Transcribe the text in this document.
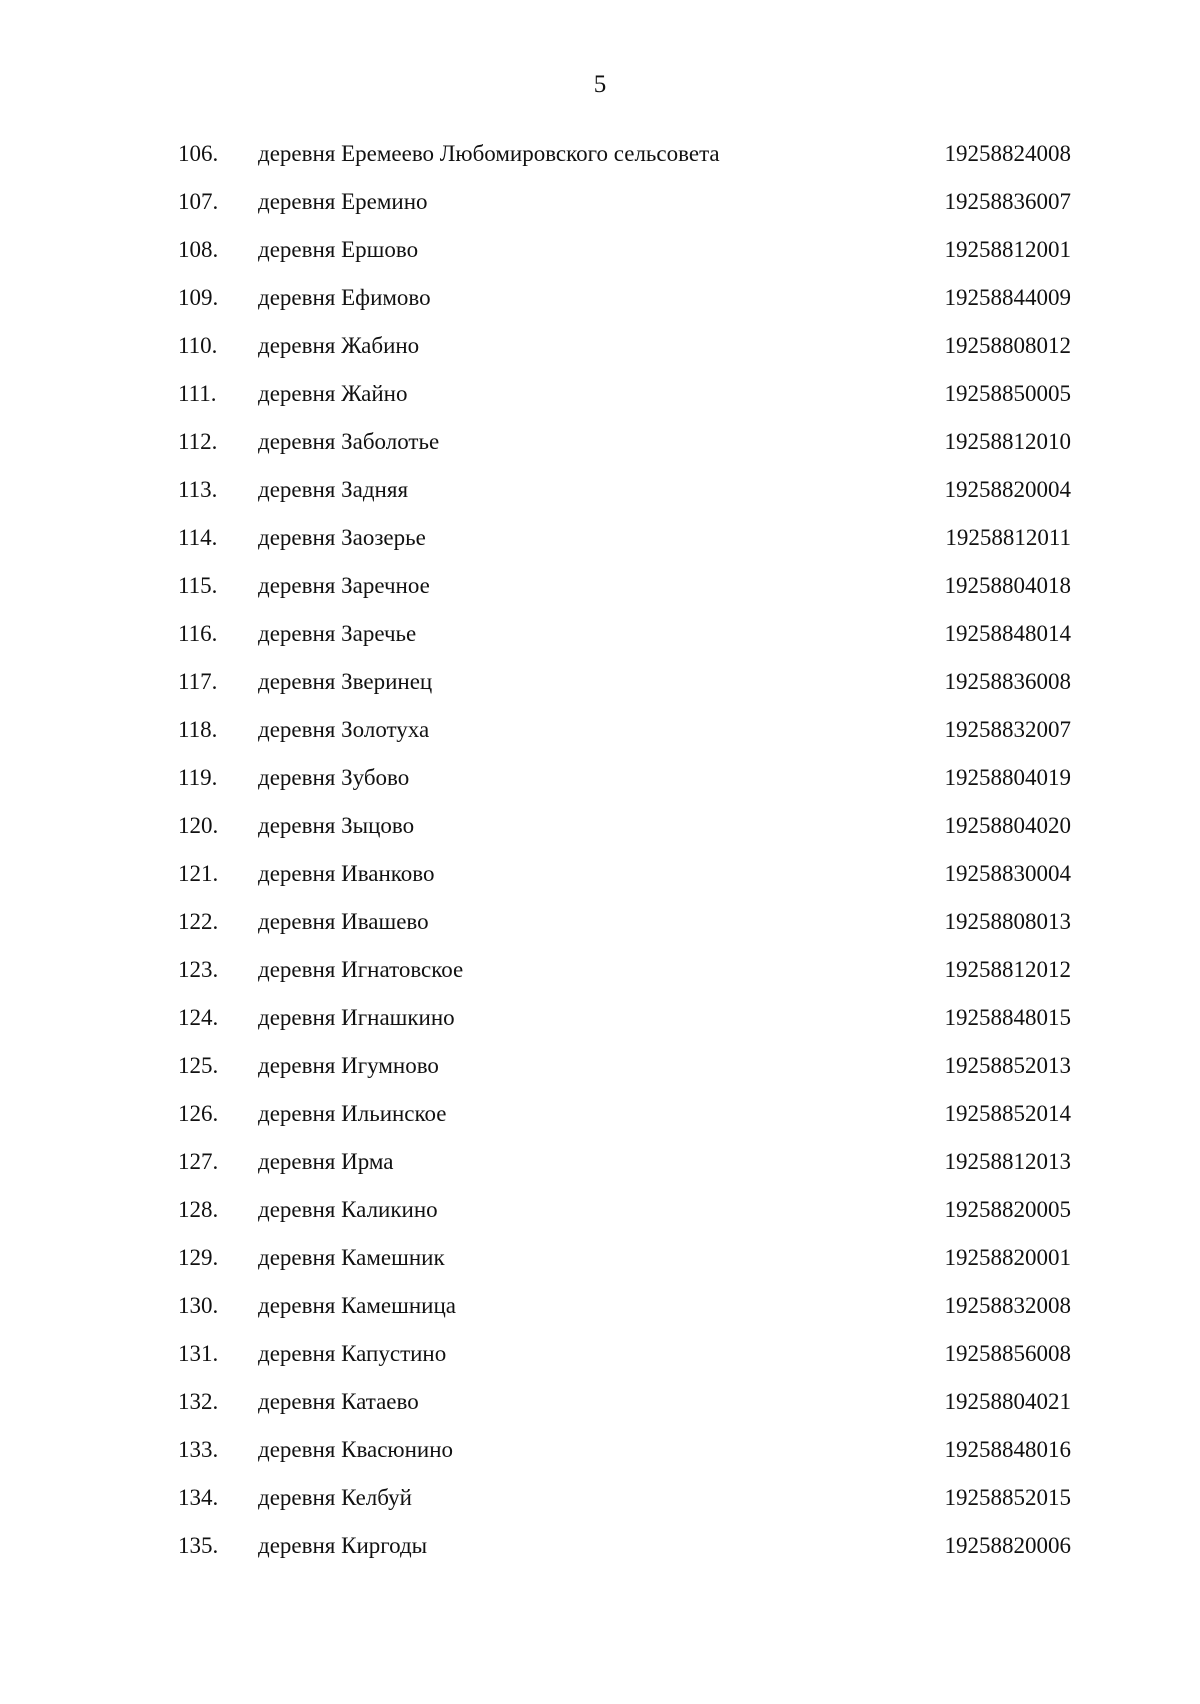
5
106. деревня Еремеево Любомировского сельсовета	19258824008
107. деревня Еремино	19258836007
108. деревня Ершово	19258812001
109. деревня Ефимово	19258844009
110. деревня Жабино	19258808012
111. деревня Жайно	19258850005
112. деревня Заболотье	19258812010
113. деревня Задняя	19258820004
114. деревня Заозерье	19258812011
115. деревня Заречное	19258804018
116. деревня Заречье	19258848014
117. деревня Зверинец	19258836008
118. деревня Золотуха	19258832007
119. деревня Зубово	19258804019
120. деревня Зыцово	19258804020
121. деревня Иванково	19258830004
122. деревня Ивашево	19258808013
123. деревня Игнатовское	19258812012
124. деревня Игнашкино	19258848015
125. деревня Игумново	19258852013
126. деревня Ильинское	19258852014
127. деревня Ирма	19258812013
128. деревня Каликино	19258820005
129. деревня Камешник	19258820001
130. деревня Камешница	19258832008
131. деревня Капустино	19258856008
132. деревня Катаево	19258804021
133. деревня Квасюнино	19258848016
134. деревня Келбуй	19258852015
135. деревня Киргоды	19258820006
